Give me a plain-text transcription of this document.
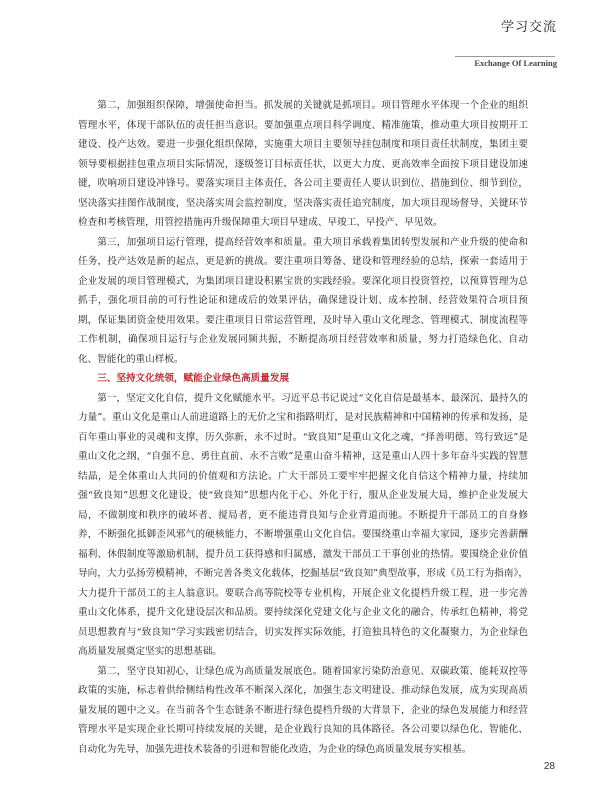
学习交流
Exchange Of Learning

第二，加强组织保障，增强使命担当。抓发展的关键就是抓项目。项目管理水平体现一个企业的组织管理水平，体现干部队伍的责任担当意识。要加强重点项目科学调度、精准施策，推动重大项目按期开工建设、投产达效。要进一步强化组织保障，实施重大项目主要领导挂包制度和项目责任状制度，集团主要领导要根据挂包重点项目实际情况，逐级签订目标责任状，以更大力度、更高效率全面按下项目建设加速键，吹响项目建设冲锋号。要落实项目主体责任，各公司主要责任人要认识到位、措施到位、细节到位，坚决落实挂图作战制度，坚决落实周会监控制度，坚决落实责任追究制度，加大项目现场督导、关键环节检查和考核管理，用管控措施再升级保障重大项目早建成、早竣工、早投产、早见效。

第三，加强项目运行管理，提高经营效率和质量。重大项目承载着集团转型发展和产业升级的使命和任务，投产达效是新的起点，更是新的挑战。要注重项目筹备、建设和管理经验的总结，探索一套适用于企业发展的项目管理模式，为集团项目建设积累宝贵的实践经验。要深化项目投资管控，以预算管理为总抓手，强化项目前的可行性论证和建成后的效果评估，确保建设计划、成本控制、经营效果符合项目预期，保证集团资金使用效果。要注重项目日常运营管理，及时导入重山文化理念、管理模式、制度流程等工作机制，确保项目运行与企业发展同频共振，不断提高项目经营效率和质量，努力打造绿色化、自动化、智能化的重山样板。

三、坚持文化统领，赋能企业绿色高质量发展

第一，坚定文化自信，提升文化赋能水平。习近平总书记说过“文化自信是最基本、最深沉、最持久的力量”。重山文化是重山人前进道路上的无价之宝和指路明灯，是对民族精神和中国精神的传承和发扬，是百年重山事业的灵魂和支撑，历久弥新，永不过时。“致良知”是重山文化之魂，“择善明德、笃行致远”是重山文化之纲，“自强不息、勇往直前、永不言败”是重山奋斗精神，这是重山人四十多年奋斗实践的智慧结晶，是全体重山人共同的价值观和方法论。广大干部员工要牢牢把握文化自信这个精神力量，持续加强“致良知”思想文化建设，使“致良知”思想内化于心、外化于行，服从企业发展大局，维护企业发展大局，不做制度和秩序的破坏者、搅局者，更不能违背良知与企业背道而驰。不断提升干部员工的自身修养，不断强化抵御歪风邪气的硬核能力，不断增强重山文化自信。要围绕重山幸福大家园，逐步完善薪酬福利、休假制度等激励机制，提升员工获得感和归属感，激发干部员工干事创业的热情。要围绕企业价值导向，大力弘扬劳模精神，不断完善各类文化载体，挖掘基层“致良知”典型故事，形成《员工行为指南》，大力提升干部员工的主人翁意识。要联合高等院校等专业机构，开展企业文化提档升级工程，进一步完善重山文化体系，提升文化建设层次和品质。要持续深化党建文化与企业文化的融合，传承红色精神，将党员思想教育与“致良知”学习实践密切结合，切实发挥实际效能，打造独具特色的文化凝聚力，为企业绿色高质量发展奠定坚实的思想基础。

第二，坚守良知初心，让绿色成为高质量发展底色。随着国家污染防治意见、双碳政策、能耗双控等政策的实施，标志着供给侧结构性改革不断深入深化，加强生态文明建设、推动绿色发展，成为实现高质量发展的题中之义。在当前各个生态链条不断进行绿色提档升级的大背景下，企业的绿色发展能力和经营管理水平是实现企业长期可持续发展的关键，是企业践行良知的具体路径。各公司要以绿色化、智能化、自动化为先导，加强先进技术装备的引进和智能化改造，为企业的绿色高质量发展夯实根基。

28
